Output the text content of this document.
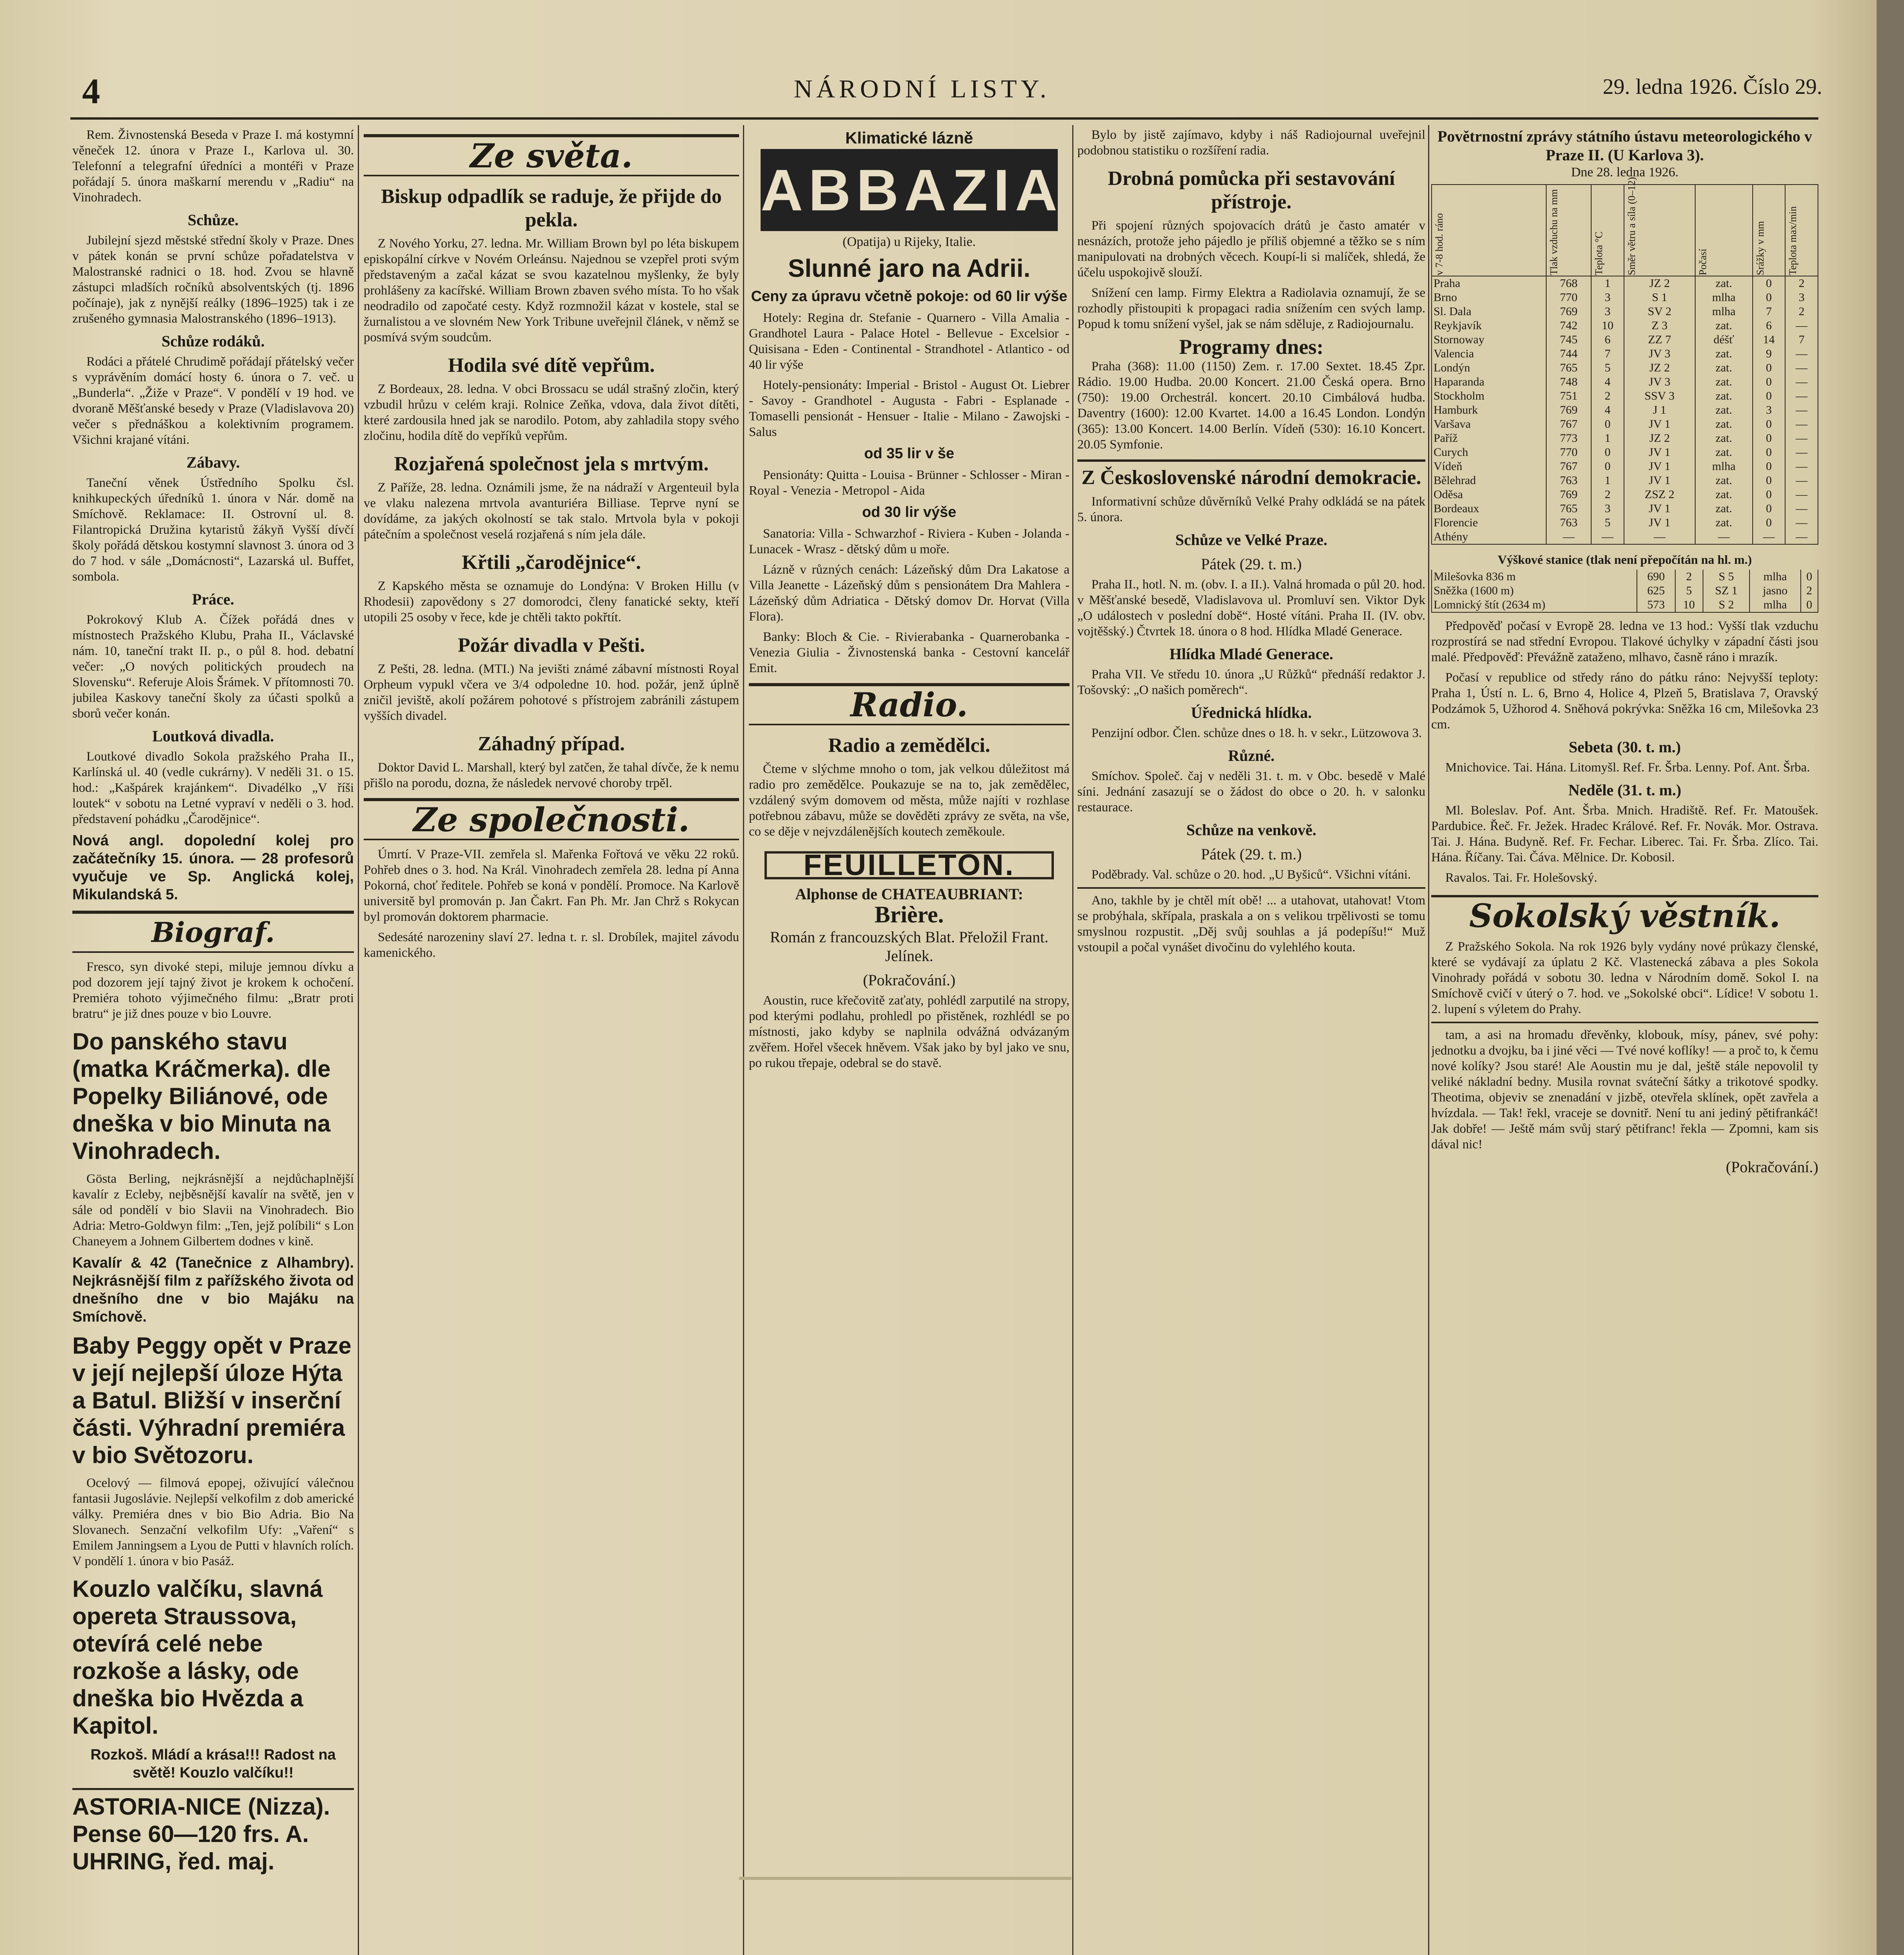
4	NÁRODNÍ LISTY.	29. ledna 1926. Číslo 29.

Rem. Živnostenská Beseda v Praze I. má kostymní věneček 12. února v Praze I., Karlova ul. 30. Telefonní a telegrafní úředníci a montéři v Praze pořádají 5. února maškarní merendu v „Radiu“ na Vinohradech.

Schůze.

Jubilejní sjezd městské střední školy v Praze. Dnes v pátek konán se první schůze pořadatelstva v Malostranské radnici o 18. hod. Zvou se hlavně zástupci mladších ročníků absolventských (tj. 1896 počínaje), jak z nynější reálky (1896–1925) tak i ze zrušeného gymnasia Malostranského (1896–1913).

Schůze rodáků.

Rodáci a přátelé Chrudimě pořádají přátelský večer s vyprávěním domácí hosty 6. února o 7. več. u „Bunderla“. „Žiže v Praze“. V pondělí v 19 hod. ve dvoraně Měšťanské besedy v Praze (Vladislavova 20) večer s přednáškou a kolektivním programem. Všichni krajané vítáni.

Zábavy.

Taneční věnek Ústředního Spolku čsl. knihkupeckých úředníků 1. února v Nár. domě na Smíchově. Reklamace: II. Ostrovní ul. 8. Filantropická Družina kytaristů žákyň Vyšší dívčí školy pořádá dětskou kostymní slavnost 3. února od 3 do 7 hod. v sále „Domácnosti“, Lazarská ul. Buffet, sombola.

Práce.

Pokrokový Klub A. Čížek pořádá dnes v místnostech Pražského Klubu, Praha II., Václavské nám. 10, taneční trakt II. p., o půl 8. hod. debatní večer: „O nových politických proudech na Slovensku“. Referuje Alois Šrámek. V přítomnosti 70. jubilea Kaskovy taneční školy za účasti spolků a sborů večer konán.

Loutková divadla.

Loutkové divadlo Sokola pražského Praha II., Karlínská ul. 40 (vedle cukrárny). V neděli 31. o 15. hod.: „Kašpárek krajánkem“. Divadélko „V říši loutek“ v sobotu na Letné vypraví v neděli o 3. hod. představení pohádku „Čarodějnice“.

Nová angl. dopolední kolej pro začátečníky 15. února. — 28 profesorů vyučuje ve Sp. Anglická kolej, Mikulandská 5.
Biograf.

Fresco, syn divoké stepi, miluje jemnou dívku a pod dozorem její tajný život je krokem k ochočení. Premiéra tohoto výjimečného filmu: „Bratr proti bratru“ je již dnes pouze v bio Louvre.

Do panského stavu (matka Kráčmerka). dle Popelky Biliánové, ode dneška v bio Minuta na Vinohradech.

Gösta Berling, nejkrásnější a nejdůchaplnější kavalír z Ecleby, nejběsnější kavalír na světě, jen v sále od pondělí v bio Slavii na Vinohradech. Bio Adria: Metro-Goldwyn film: „Ten, jejž políbili“ s Lon Chaneyem a Johnem Gilbertem dodnes v kině.

Kavalír & 42 (Tanečnice z Alhambry). Nejkrásnější film z pařížského života od dnešního dne v bio Majáku na Smíchově.
Baby Peggy opět v Praze v její nejlepší úloze Hýta a Batul. Bližší v inserční části. Výhradní premiéra v bio Světozoru.

Ocelový — filmová epopej, oživující válečnou fantasii Jugoslávie. Nejlepší velkofilm z dob americké války. Premiéra dnes v bio Bio Adria. Bio Na Slovanech. Senzační velkofilm Ufy: „Vaření“ s Emilem Janningsem a Lyou de Putti v hlavních rolích. V pondělí 1. února v bio Pasáž.

Kouzlo valčíku, slavná opereta Straussova, otevírá celé nebe rozkoše a lásky, ode dneška bio Hvězda a Kapitol.
Rozkoš. Mládí a krása!!! Radost na světě! Kouzlo valčíku!!
ASTORIA-NICE (Nizza). Pense 60—120 frs. A. UHRING, řed. maj.
Ze světa.
Biskup odpadlík se raduje, že přijde do pekla.

Z Nového Yorku, 27. ledna. Mr. William Brown byl po léta biskupem episkopální církve v Novém Orleánsu. Najednou se vzepřel proti svým představeným a začal kázat se svou kazatelnou myšlenky, že byly prohlášeny za kacířské. William Brown zbaven svého místa. To ho však neodradilo od započaté cesty. Když rozmnožil kázat v kostele, stal se žurnalistou a ve slovném New York Tribune uveřejnil článek, v němž se posmívá svým soudcům.

Hodila své dítě vepřům.

Z Bordeaux, 28. ledna. V obci Brossacu se udál strašný zločin, který vzbudil hrůzu v celém kraji. Rolnice Zeňka, vdova, dala život dítěti, které zardousila hned jak se narodilo. Potom, aby zahladila stopy svého zločinu, hodila dítě do vepříků vepřům.

Rozjařená společnost jela s mrtvým.

Z Paříže, 28. ledna. Oznámili jsme, že na nádraží v Argenteuil byla ve vlaku nalezena mrtvola avanturiéra Billiase. Teprve nyní se dovídáme, za jakých okolností se tak stalo. Mrtvola byla v pokoji pátečním a společnost veselá rozjařená s ním jela dále.

Křtili „čarodějnice“.

Z Kapského města se oznamuje do Londýna: V Broken Hillu (v Rhodesii) zapovědony s 27 domorodci, členy fanatické sekty, kteří utopili 25 osoby v řece, kde je chtěli takto pokřtít.

Požár divadla v Pešti.

Z Pešti, 28. ledna. (MTI.) Na jevišti známé zábavní místnosti Royal Orpheum vypukl včera ve 3/4 odpoledne 10. hod. požár, jenž úplně zničil jeviště, akolí požárem pohotové s přístrojem zabránili zástupem vyšších divadel.

Záhadný případ.

Doktor David L. Marshall, který byl zatčen, že tahal dívče, že k nemu přišlo na porodu, dozna, že následek nervové choroby trpěl.

Ze společnosti.

Úmrtí. V Praze-VII. zemřela sl. Mařenka Fořtová ve věku 22 roků. Pohřeb dnes o 3. hod. Na Král. Vinohradech zemřela 28. ledna pí Anna Pokorná, choť ředitele. Pohřeb se koná v pondělí. Promoce. Na Karlově universitě byl promován p. Jan Čakrt. Fan Ph. Mr. Jan Chrž s Rokycan byl promován doktorem pharmacie.

Sedesáté narozeniny slaví 27. ledna t. r. sl. Drobílek, majitel závodu kamenického.

Klimatické lázně
ABBAZIA
(Opatija) u Rijeky, Italie.
Slunné jaro na Adrii.
Ceny za úpravu včetně pokoje: od 60 lir výše

Hotely: Regina dr. Stefanie - Quarnero - Villa Amalia - Grandhotel Laura - Palace Hotel - Bellevue - Excelsior - Quisisana - Eden - Continental - Strandhotel - Atlantico - od 40 lir výše

Hotely-pensionáty: Imperial - Bristol - August Ot. Liebrer - Savoy - Grandhotel - Augusta - Fabri - Esplanade - Tomaselli pensionát - Hensuer - Italie - Milano - Zawojski - Salus

od 35 lir v še

Pensionáty: Quitta - Louisa - Brünner - Schlosser - Miran - Royal - Venezia - Metropol - Aida

od 30 lir výše

Sanatoria: Villa - Schwarzhof - Riviera - Kuben - Jolanda - Lunacek - Wrasz - dětský dům u moře.

Lázně v různých cenách: Lázeňský dům Dra Lakatose a Villa Jeanette - Lázeňský dům s pensionátem Dra Mahlera - Lázeňský dům Adriatica - Dětský domov Dr. Horvat (Villa Flora).

Banky: Bloch & Cie. - Rivierabanka - Quarnerobanka - Venezia Giulia - Živnostenská banka - Cestovní kancelář Emit.

Radio.
Radio a zemědělci.

Čteme v slýchme mnoho o tom, jak velkou důležitost má radio pro zemědělce. Poukazuje se na to, jak zemědělec, vzdálený svým domovem od města, může najíti v rozhlase potřebnou zábavu, může se dověděti zprávy ze světa, na vše, co se děje v nejvzdálenějších koutech zeměkoule.

FEUILLETON.
Alphonse de CHATEAUBRIANT:
Brière.
Román z francouzských Blat. Přeložil Frant. Jelínek.
(Pokračování.)

Aoustin, ruce křečovitě zaťaty, pohlédl zarputilé na stropy, pod kterými podlahu, prohledl po přistěnek, rozhlédl se po místnosti, jako kdyby se naplnila odvážná odvázaným zvěřem. Hořel všecek hněvem. Však jako by byl jako ve snu, po rukou třepaje, odebral se do stavě.

Bylo by jistě zajímavo, kdyby i náš Radiojournal uveřejnil podobnou statistiku o rozšíření radia.

Drobná pomůcka při sestavování přístroje.

Při spojení různých spojovacích drátů je často amatér v nesnázích, protože jeho pájedlo je příliš objemné a těžko se s ním manipulovati na drobných věcech. Koupí-li si malíček, shledá, že účelu uspokojivě slouží.

Snížení cen lamp. Firmy Elektra a Radiolavia oznamují, že se rozhodly přistoupiti k propagaci radia snížením cen svých lamp. Popud k tomu snížení vyšel, jak se nám sděluje, z Radiojournalu.

Programy dnes:

Praha (368): 11.00 (1150) Zem. r. 17.00 Sextet. 18.45 Zpr. Rádio. 19.00 Hudba. 20.00 Koncert. 21.00 Česká opera. Brno (750): 19.00 Orchestrál. koncert. 20.10 Cimbálová hudba. Daventry (1600): 12.00 Kvartet. 14.00 a 16.45 London. Londýn (365): 13.00 Koncert. 14.00 Berlín. Vídeň (530): 16.10 Koncert. 20.05 Symfonie.

Z Československé národní demokracie.

Informativní schůze důvěrníků Velké Prahy odkládá se na pátek 5. února.

Schůze ve Velké Praze.
Pátek (29. t. m.)

Praha II., hotl. N. m. (obv. I. a II.). Valná hromada o půl 20. hod. v Měšťanské besedě, Vladislavova ul. Promluví sen. Viktor Dyk „O událostech v poslední době“. Hosté vítáni. Praha II. (IV. obv. vojtěšský.) Čtvrtek 18. února o 8 hod. Hlídka Mladé Generace.

Hlídka Mladé Generace.

Praha VII. Ve středu 10. února „U Růžků“ přednáší redaktor J. Tošovský: „O našich poměrech“.

Úřednická hlídka.

Penzijní odbor. Člen. schůze dnes o 18. h. v sekr., Lützowova 3.

Různé.

Smíchov. Společ. čaj v neděli 31. t. m. v Obc. besedě v Malé síni. Jednání zasazují se o žádost do obce o 20. h. v salonku restaurace.

Schůze na venkově.
Pátek (29. t. m.)

Poděbrady. Val. schůze o 20. hod. „U Byšiců“. Všichni vítáni.

Ano, takhle by je chtěl mít obě! ... a utahovat, utahovat! Vtom se probýhala, skřípala, praskala a on s velikou trpělivosti se tomu smyslnou rozpustit. „Děj svůj souhlas a já podepíšu!“ Muž vstoupil a počal vynášet divočinu do vylehlého kouta.

Povětrnostní zprávy státního ústavu meteorologického v Praze II. (U Karlova 3).
Dne 28. ledna 1926.
v 7-8 hod. ráno	Tlak vzduchu na mm	Teplota °C	Směr větru a síla (0–12)	Počasí	Srážky v mm	Teplota max/min
Praha	768	1	JZ 2	zat.	0	2
Brno	770	3	S 1	mlha	0	3
Sl. Dala	769	3	SV 2	mlha	7	2
Reykjavík	742	10	Z 3	zat.	6	—
Stornoway	745	6	ZZ 7	déšť	14	7
Valencia	744	7	JV 3	zat.	9	—
Londýn	765	5	JZ 2	zat.	0	—
Haparanda	748	4	JV 3	zat.	0	—
Stockholm	751	2	SSV 3	zat.	0	—
Hamburk	769	4	J 1	zat.	3	—
Varšava	767	0	JV 1	zat.	0	—
Paříž	773	1	JZ 2	zat.	0	—
Curych	770	0	JV 1	zat.	0	—
Vídeň	767	0	JV 1	mlha	0	—
Bělehrad	763	1	JV 1	zat.	0	—
Oděsa	769	2	ZSZ 2	zat.	0	—
Bordeaux	765	3	JV 1	zat.	0	—
Florencie	763	5	JV 1	zat.	0	—
Athény	—	—	—	—	—	—
Výškové stanice (tlak není přepočítán na hl. m.)
Milešovka 836 m	690	2	S 5	mlha	0
Sněžka (1600 m)	625	5	SZ 1	jasno	2
Lomnický štít (2634 m)	573	10	S 2	mlha	0

Předpověď počasí v Evropě 28. ledna ve 13 hod.: Vyšší tlak vzduchu rozprostírá se nad střední Evropou. Tlakové úchylky v západní části jsou malé. Předpověď: Převážně zataženo, mlhavo, časně ráno i mrazík.

Počasí v republice od středy ráno do pátku ráno: Nejvyšší teploty: Praha 1, Ústí n. L. 6, Brno 4, Holice 4, Plzeň 5, Bratislava 7, Oravský Podzámok 5, Užhorod 4. Sněhová pokrývka: Sněžka 16 cm, Milešovka 23 cm.

Sebeta (30. t. m.)

Mnichovice. Tai. Hána. Litomyšl. Ref. Fr. Šrba. Lenny. Pof. Ant. Šrba.

Neděle (31. t. m.)

Ml. Boleslav. Pof. Ant. Šrba. Mnich. Hradiště. Ref. Fr. Matoušek. Pardubice. Řeč. Fr. Ježek. Hradec Králové. Ref. Fr. Novák. Mor. Ostrava. Tai. J. Hána. Budyně. Ref. Fr. Fechar. Liberec. Tai. Fr. Šrba. Zlíco. Tai. Hána. Říčany. Tai. Čáva. Mělnice. Dr. Kobosil.

Ravalos. Tai. Fr. Holešovský.

Sokolský věstník.

Z Pražského Sokola. Na rok 1926 byly vydány nové průkazy členské, které se vydávají za úplatu 2 Kč. Vlastenecká zábava a ples Sokola Vinohrady pořádá v sobotu 30. ledna v Národním domě. Sokol I. na Smíchově cvičí v úterý o 7. hod. ve „Sokolské obci“. Lídice! V sobotu 1. 2. lupení s výletem do Prahy.

tam, a asi na hromadu dřevěnky, klobouk, mísy, pánev, své pohy: jednotku a dvojku, ba i jiné věci — Tvé nové koflíky! — a proč to, k čemu nové kolíky? Jsou staré! Ale Aoustin mu je dal, ještě stále nepovolil ty veliké nákladní bedny. Musila rovnat sváteční šátky a trikotové spodky. Theotima, objeviv se znenadání v jizbě, otevřela sklínek, opět zavřela a hvízdala. — Tak! řekl, vraceje se dovnitř. Není tu ani jediný pětifrankáč! Jak dobře! — Ještě mám svůj starý pětifranc! řekla — Zpomni, kam sis dával nic!

(Pokračování.)
